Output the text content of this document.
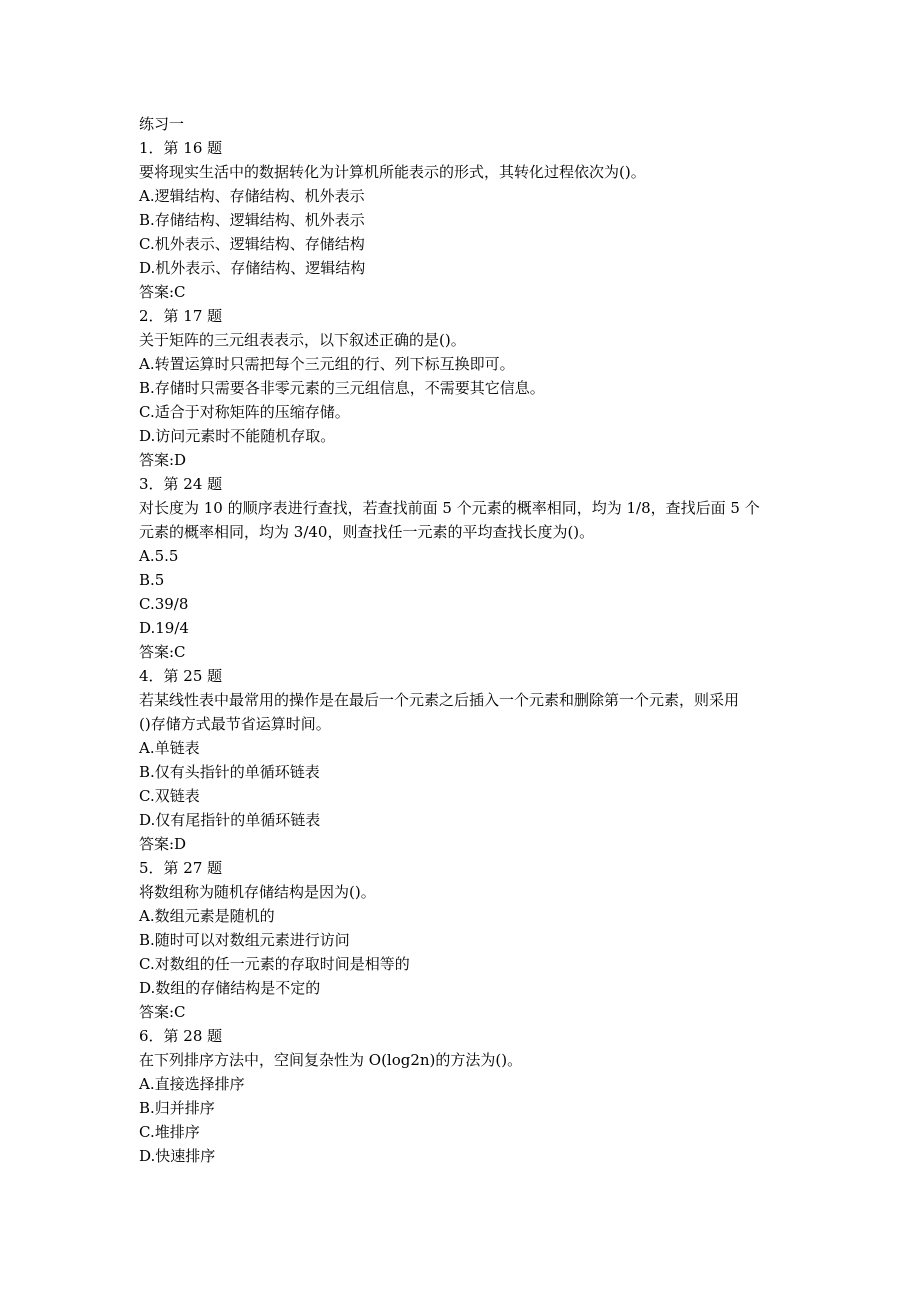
练习一
1．第 16 题
要将现实生活中的数据转化为计算机所能表示的形式，其转化过程依次为()。
A.逻辑结构、存储结构、机外表示
B.存储结构、逻辑结构、机外表示
C.机外表示、逻辑结构、存储结构
D.机外表示、存储结构、逻辑结构
答案:C
2．第 17 题
关于矩阵的三元组表表示，以下叙述正确的是()。
A.转置运算时只需把每个三元组的行、列下标互换即可。
B.存储时只需要各非零元素的三元组信息，不需要其它信息。
C.适合于对称矩阵的压缩存储。
D.访问元素时不能随机存取。
答案:D
3．第 24 题
对长度为 10 的顺序表进行查找，若查找前面 5 个元素的概率相同，均为 1/8，查找后面 5 个
元素的概率相同，均为 3/40，则查找任一元素的平均查找长度为()。
A.5.5
B.5
C.39/8
D.19/4
答案:C
4．第 25 题
若某线性表中最常用的操作是在最后一个元素之后插入一个元素和删除第一个元素，则采用
()存储方式最节省运算时间。
A.单链表
B.仅有头指针的单循环链表
C.双链表
D.仅有尾指针的单循环链表
答案:D
5．第 27 题
将数组称为随机存储结构是因为()。
A.数组元素是随机的
B.随时可以对数组元素进行访问
C.对数组的任一元素的存取时间是相等的
D.数组的存储结构是不定的
答案:C
6．第 28 题
在下列排序方法中，空间复杂性为 O(log2n)的方法为()。
A.直接选择排序
B.归并排序
C.堆排序
D.快速排序
